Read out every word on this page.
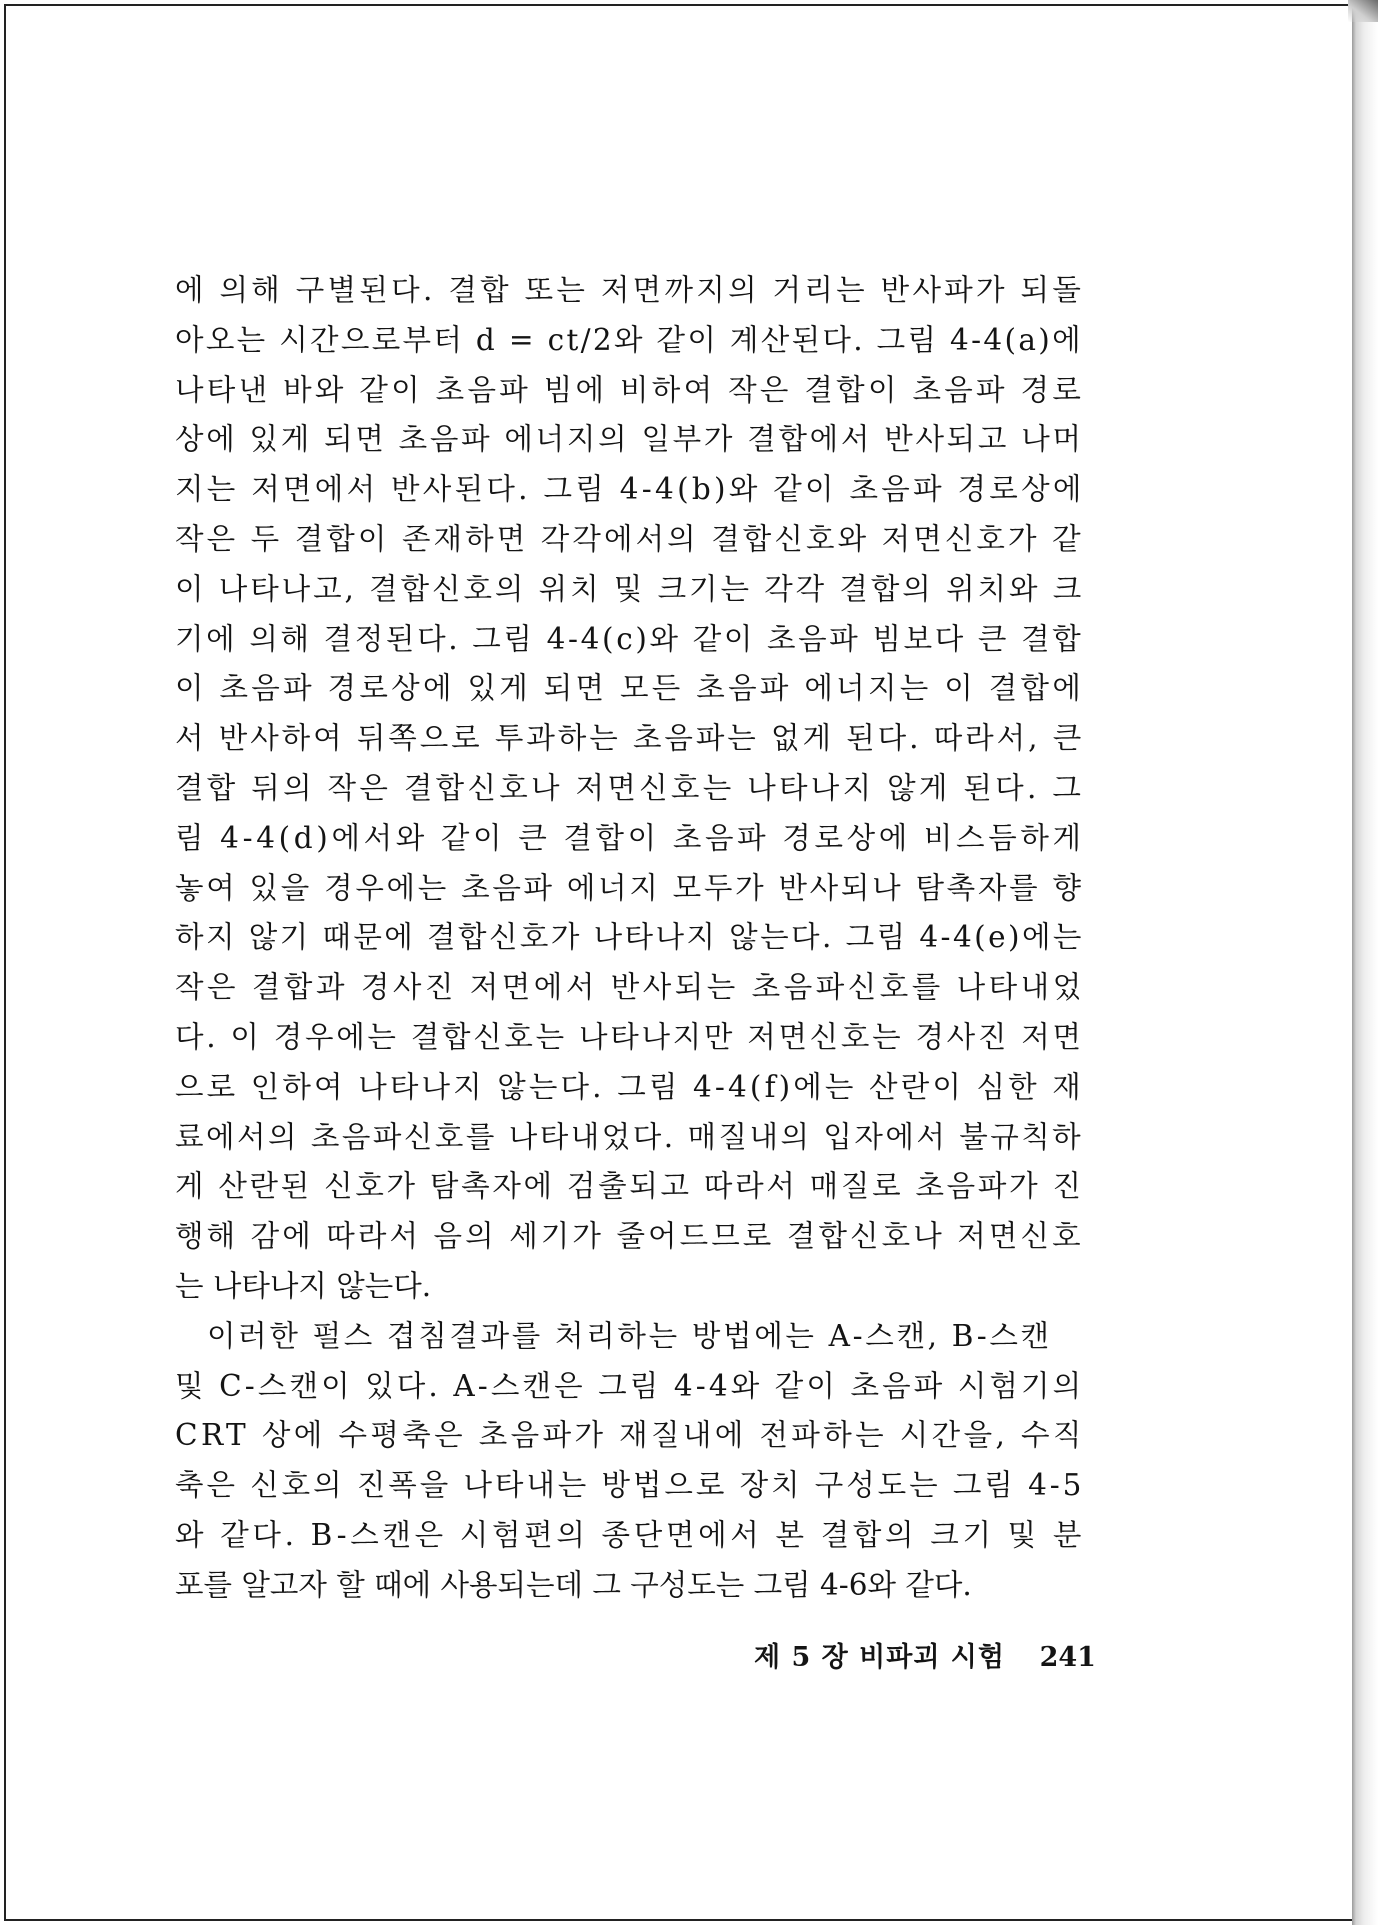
에 의해 구별된다. 결합 또는 저면까지의 거리는 반사파가 되돌
아오는 시간으로부터 d = ct/2와 같이 계산된다. 그림 4-4(a)에
나타낸 바와 같이 초음파 빔에 비하여 작은 결합이 초음파 경로
상에 있게 되면 초음파 에너지의 일부가 결합에서 반사되고 나머
지는 저면에서 반사된다. 그림 4-4(b)와 같이 초음파 경로상에
작은 두 결합이 존재하면 각각에서의 결합신호와 저면신호가 같
이 나타나고, 결합신호의 위치 및 크기는 각각 결합의 위치와 크
기에 의해 결정된다. 그림 4-4(c)와 같이 초음파 빔보다 큰 결합
이 초음파 경로상에 있게 되면 모든 초음파 에너지는 이 결합에
서 반사하여 뒤쪽으로 투과하는 초음파는 없게 된다. 따라서, 큰
결합 뒤의 작은 결합신호나 저면신호는 나타나지 않게 된다. 그
림 4-4(d)에서와 같이 큰 결합이 초음파 경로상에 비스듬하게
놓여 있을 경우에는 초음파 에너지 모두가 반사되나 탐촉자를 향
하지 않기 때문에 결합신호가 나타나지 않는다. 그림 4-4(e)에는
작은 결합과 경사진 저면에서 반사되는 초음파신호를 나타내었
다. 이 경우에는 결합신호는 나타나지만 저면신호는 경사진 저면
으로 인하여 나타나지 않는다. 그림 4-4(f)에는 산란이 심한 재
료에서의 초음파신호를 나타내었다. 매질내의 입자에서 불규칙하
게 산란된 신호가 탐촉자에 검출되고 따라서 매질로 초음파가 진
행해 감에 따라서 음의 세기가 줄어드므로 결합신호나 저면신호
는 나타나지 않는다.
이러한 펄스 겹침결과를 처리하는 방법에는 A-스캔, B-스캔
및 C-스캔이 있다. A-스캔은 그림 4-4와 같이 초음파 시험기의
CRT 상에 수평축은 초음파가 재질내에 전파하는 시간을, 수직
축은 신호의 진폭을 나타내는 방법으로 장치 구성도는 그림 4-5
와 같다. B-스캔은 시험편의 종단면에서 본 결합의 크기 및 분
포를 알고자 할 때에 사용되는데 그 구성도는 그림 4-6와 같다.
제 5 장 비파괴 시험 241
